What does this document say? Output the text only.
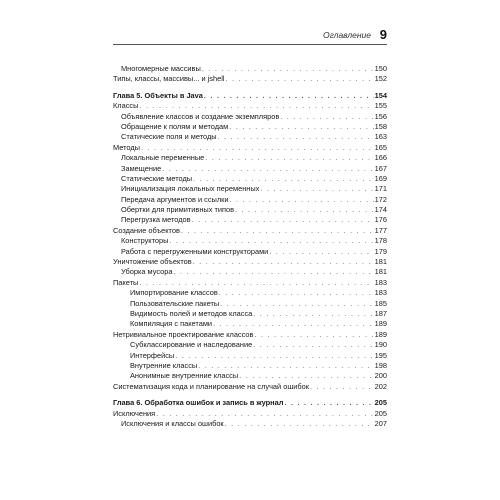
Оглавление 9
Многомерные массивы . . .	150
Типы, классы, массивы... и jshell . . .	152
Глава 5. Объекты в Java . . .	154
Классы . . .	155
Объявление классов и создание экземпляров . . .	156
Обращение к полям и методам . . .	158
Статические поля и методы . . .	163
Методы . . .	165
Локальные переменные . . .	166
Замещение . . .	167
Статические методы . . .	169
Инициализация локальных переменных . . .	171
Передача аргументов и ссылки . . .	172
Обертки для примитивных типов . . .	174
Перегрузка методов . . .	176
Создание объектов . . .	177
Конструкторы . . .	178
Работа с перегруженными конструкторами . . .	179
Уничтожение объектов . . .	181
Уборка мусора . . .	181
Пакеты . . .	183
Импортирование классов . . .	183
Пользовательские пакеты . . .	185
Видимость полей и методов класса . . .	187
Компиляция с пакетами . . .	189
Нетривиальное проектирование классов . . .	189
Субклассирование и наследование . . .	190
Интерфейсы . . .	195
Внутренние классы . . .	198
Анонимные внутренние классы . . .	200
Систематизация кода и планирование на случай ошибок . . .	202
Глава 6. Обработка ошибок и запись в журнал . . .	205
Исключения . . .	205
Исключения и классы ошибок . . .	207
